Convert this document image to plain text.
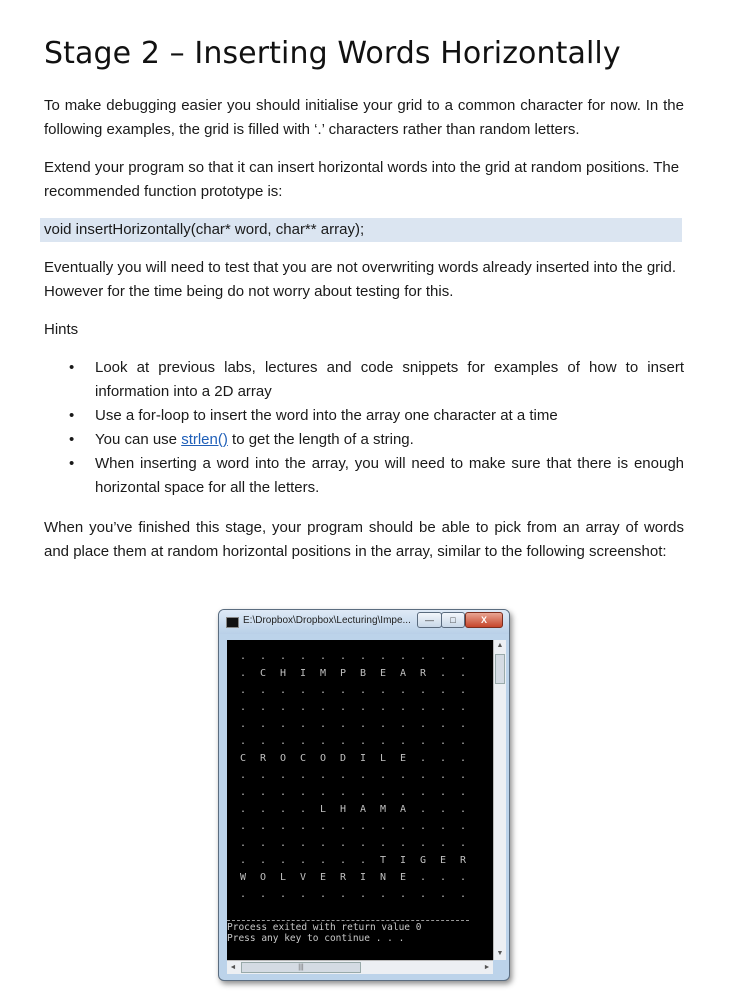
Stage 2 – Inserting Words Horizontally

To make debugging easier you should initialise your grid to a common character for now. In the following examples, the grid is filled with ‘.’ characters rather than random letters.

Extend your program so that it can insert horizontal words into the grid at random positions. The recommended function prototype is:

void insertHorizontally(char* word, char** array);

Eventually you will need to test that you are not overwriting words already inserted into the grid. However for the time being do not worry about testing for this.

Hints

• Look at previous labs, lectures and code snippets for examples of how to insert information into a 2D array
• Use a for-loop to insert the word into the array one character at a time
• You can use strlen() to get the length of a string.
• When inserting a word into the array, you will need to make sure that there is enough horizontal space for all the letters.

When you’ve finished this stage, your program should be able to pick from an array of words and place them at random horizontal positions in the array, similar to the following screenshot:

E:\Dropbox\Dropbox\Lecturing\Impe...	—	□	X
.	.	.	.	.	.	.	.	.	.	.	.
.	C	H	I	M	P	B	E	A	R	.	.
.	.	.	.	.	.	.	.	.	.	.	.
.	.	.	.	.	.	.	.	.	.	.	.
.	.	.	.	.	.	.	.	.	.	.	.
.	.	.	.	.	.	.	.	.	.	.	.
C	R	O	C	O	D	I	L	E	.	.	.
.	.	.	.	.	.	.	.	.	.	.	.
.	.	.	.	.	.	.	.	.	.	.	.
.	.	.	.	L	H	A	M	A	.	.	.
.	.	.	.	.	.	.	.	.	.	.	.
.	.	.	.	.	.	.	.	.	.	.	.
.	.	.	.	.	.	.	T	I	G	E	R
W	O	L	V	E	R	I	N	E	.	.	.
.	.	.	.	.	.	.	.	.	.	.	.
Process exited with return value 0
Press any key to continue . . .
▲
▼
◄	|||	►
